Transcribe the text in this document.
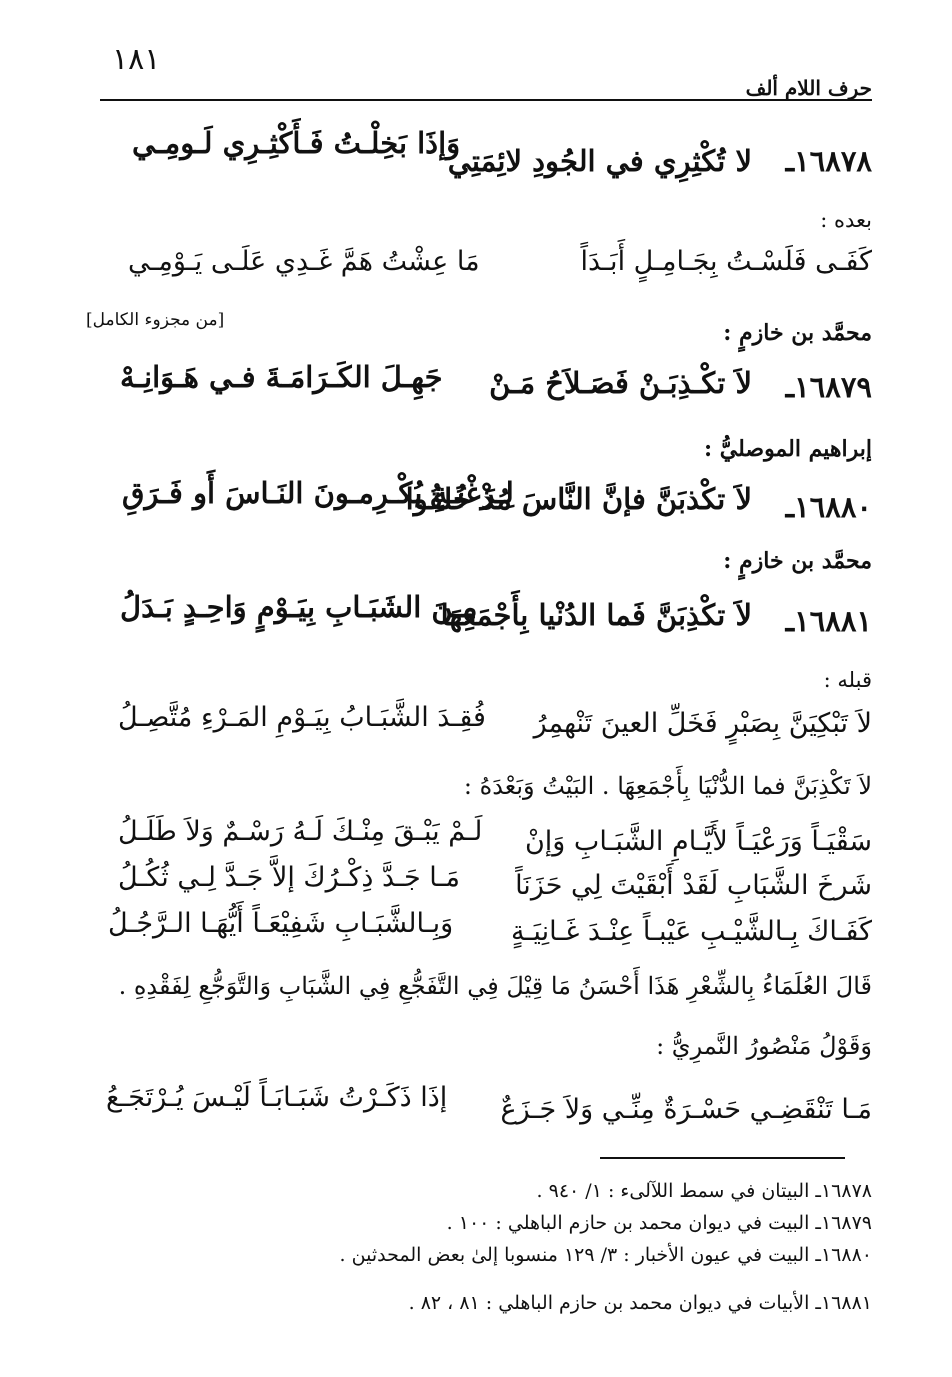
١٨١
حرف اللام ألف
١٦٨٧٨ـ
لا تُكْثِرِي في الجُودِ لائِمَتِي
وَإذَا بَخِلْـتُ فَـأَكْثِـرِي لَـومِـي
بعده :
كَفَـى فَلَسْـتُ بِجَـامِـلٍ أَبَـدَاً
مَا عِشْتُ هَمَّ غَـدِي عَلَـى يَـوْمِـي
[من مجزوء الكامل]	محمَّد بن خازمٍ :
١٦٨٧٩ـ
لاَ تكْـذِبَـنْ فَصَـلاَحُ مَـنْ
جَهِـلَ الكَـرَامَـةَ فـي هَـوَانِـهْ
إبراهيم الموصليُّ :
١٦٨٨٠ـ
لاَ تكْذبَنَّ فإنَّ النَّاسَ مُذْ خُلقُوا
لِـرَغْبَـةٍ يُكْـرِمـونَ النَـاسَ أَو فَـرَقِ
محمَّد بن خازمٍ :
١٦٨٨١ـ
لاَ تكْذِبَنَّ فَما الدُنْيا بِأَجْمَعِهَا
مِـنَ الشَبَـابِ بِيَـوْمٍ وَاحِـدٍ بَـدَلُ
قبله :
لاَ تَبْكِيَنَّ بِصَبْرٍ فَخَلِّ العينَ تَنْهمِرُ
فُقِـدَ الشَّبَـابُ بِيَـوْمِ المَـرْءِ مُتَّصِـلُ
لاَ تَكْذِبَنَّ فما الدُّنْيَا بِأَجْمَعِهَا . البَيْتُ وَبَعْدَهُ :
سَقْيَـاً وَرَعْيَـاً لأَيَّـامِ الشَّبَـابِ وَإنْ
لَـمْ يَبْـقَ مِنْـكَ لَـهُ رَسْـمٌ وَلاَ طَلَـلُ
شَرخَ الشَّبَابِ لَقَدْ أَبْقَيْتَ لِي حَزَنَاً
مَـا جَـدَّ ذِكْـرُكَ إلاَّ جَـدَّ لِـي ثُكُـلُ
كَفَـاكَ بِـالشَّيْـبِ عَيْبـاً عِنْـدَ غَـانِيَـةٍ
وَبِـالشَّبَـابِ شَفِيْعَـاً أَيُّهَـا الـرَّجُـلُ
قَالَ العُلَمَاءُ بِالشِّعْرِ هَذَا أَحْسَنُ مَا قِيْلَ فِي التَّفَجُّعِ فِي الشَّبَابِ وَالتَّوَجُّعِ لِفَقْدِهِ .
وَقَوْلُ مَنْصُورُ النَّمرِيُّ :
مَـا تَنْقَضِـي حَسْـرَةٌ مِنِّـي وَلاَ جَـزَعٌ
إذَا ذَكَـرْتُ شَبَـابَـاً لَيْـسَ يُـرْتَجَـعُ
١٦٨٧٨ـ البيتان في سمط اللآلىء : ١/ ٩٤٠ .
١٦٨٧٩ـ البيت في ديوان محمد بن حازم الباهلي : ١٠٠ .
١٦٨٨٠ـ البيت في عيون الأخبار : ٣/ ١٢٩ منسوبا إلىٰ بعض المحدثين .
١٦٨٨١ـ الأبيات في ديوان محمد بن حازم الباهلي : ٨١ ، ٨٢ .
